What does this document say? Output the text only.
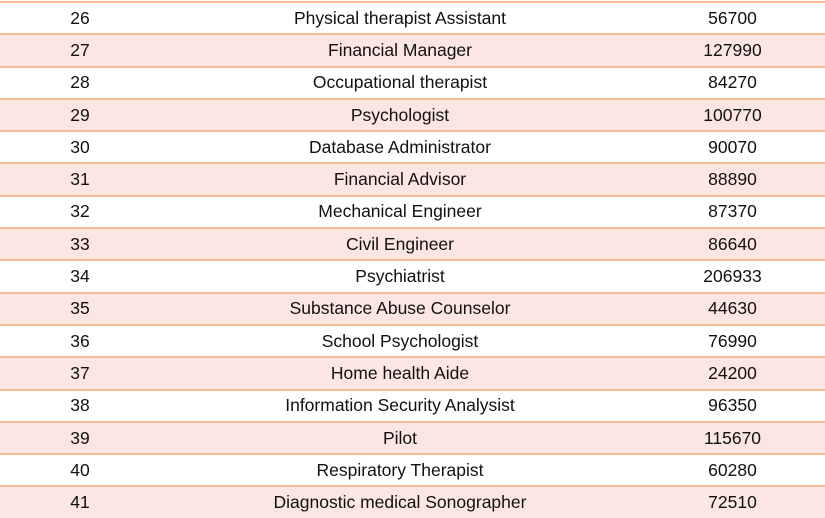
26	Physical therapist Assistant	56700
27	Financial Manager	127990
28	Occupational therapist	84270
29	Psychologist	100770
30	Database Administrator	90070
31	Financial Advisor	88890
32	Mechanical Engineer	87370
33	Civil Engineer	86640
34	Psychiatrist	206933
35	Substance Abuse Counselor	44630
36	School Psychologist	76990
37	Home health Aide	24200
38	Information Security Analysist	96350
39	Pilot	115670
40	Respiratory Therapist	60280
41	Diagnostic medical Sonographer	72510
